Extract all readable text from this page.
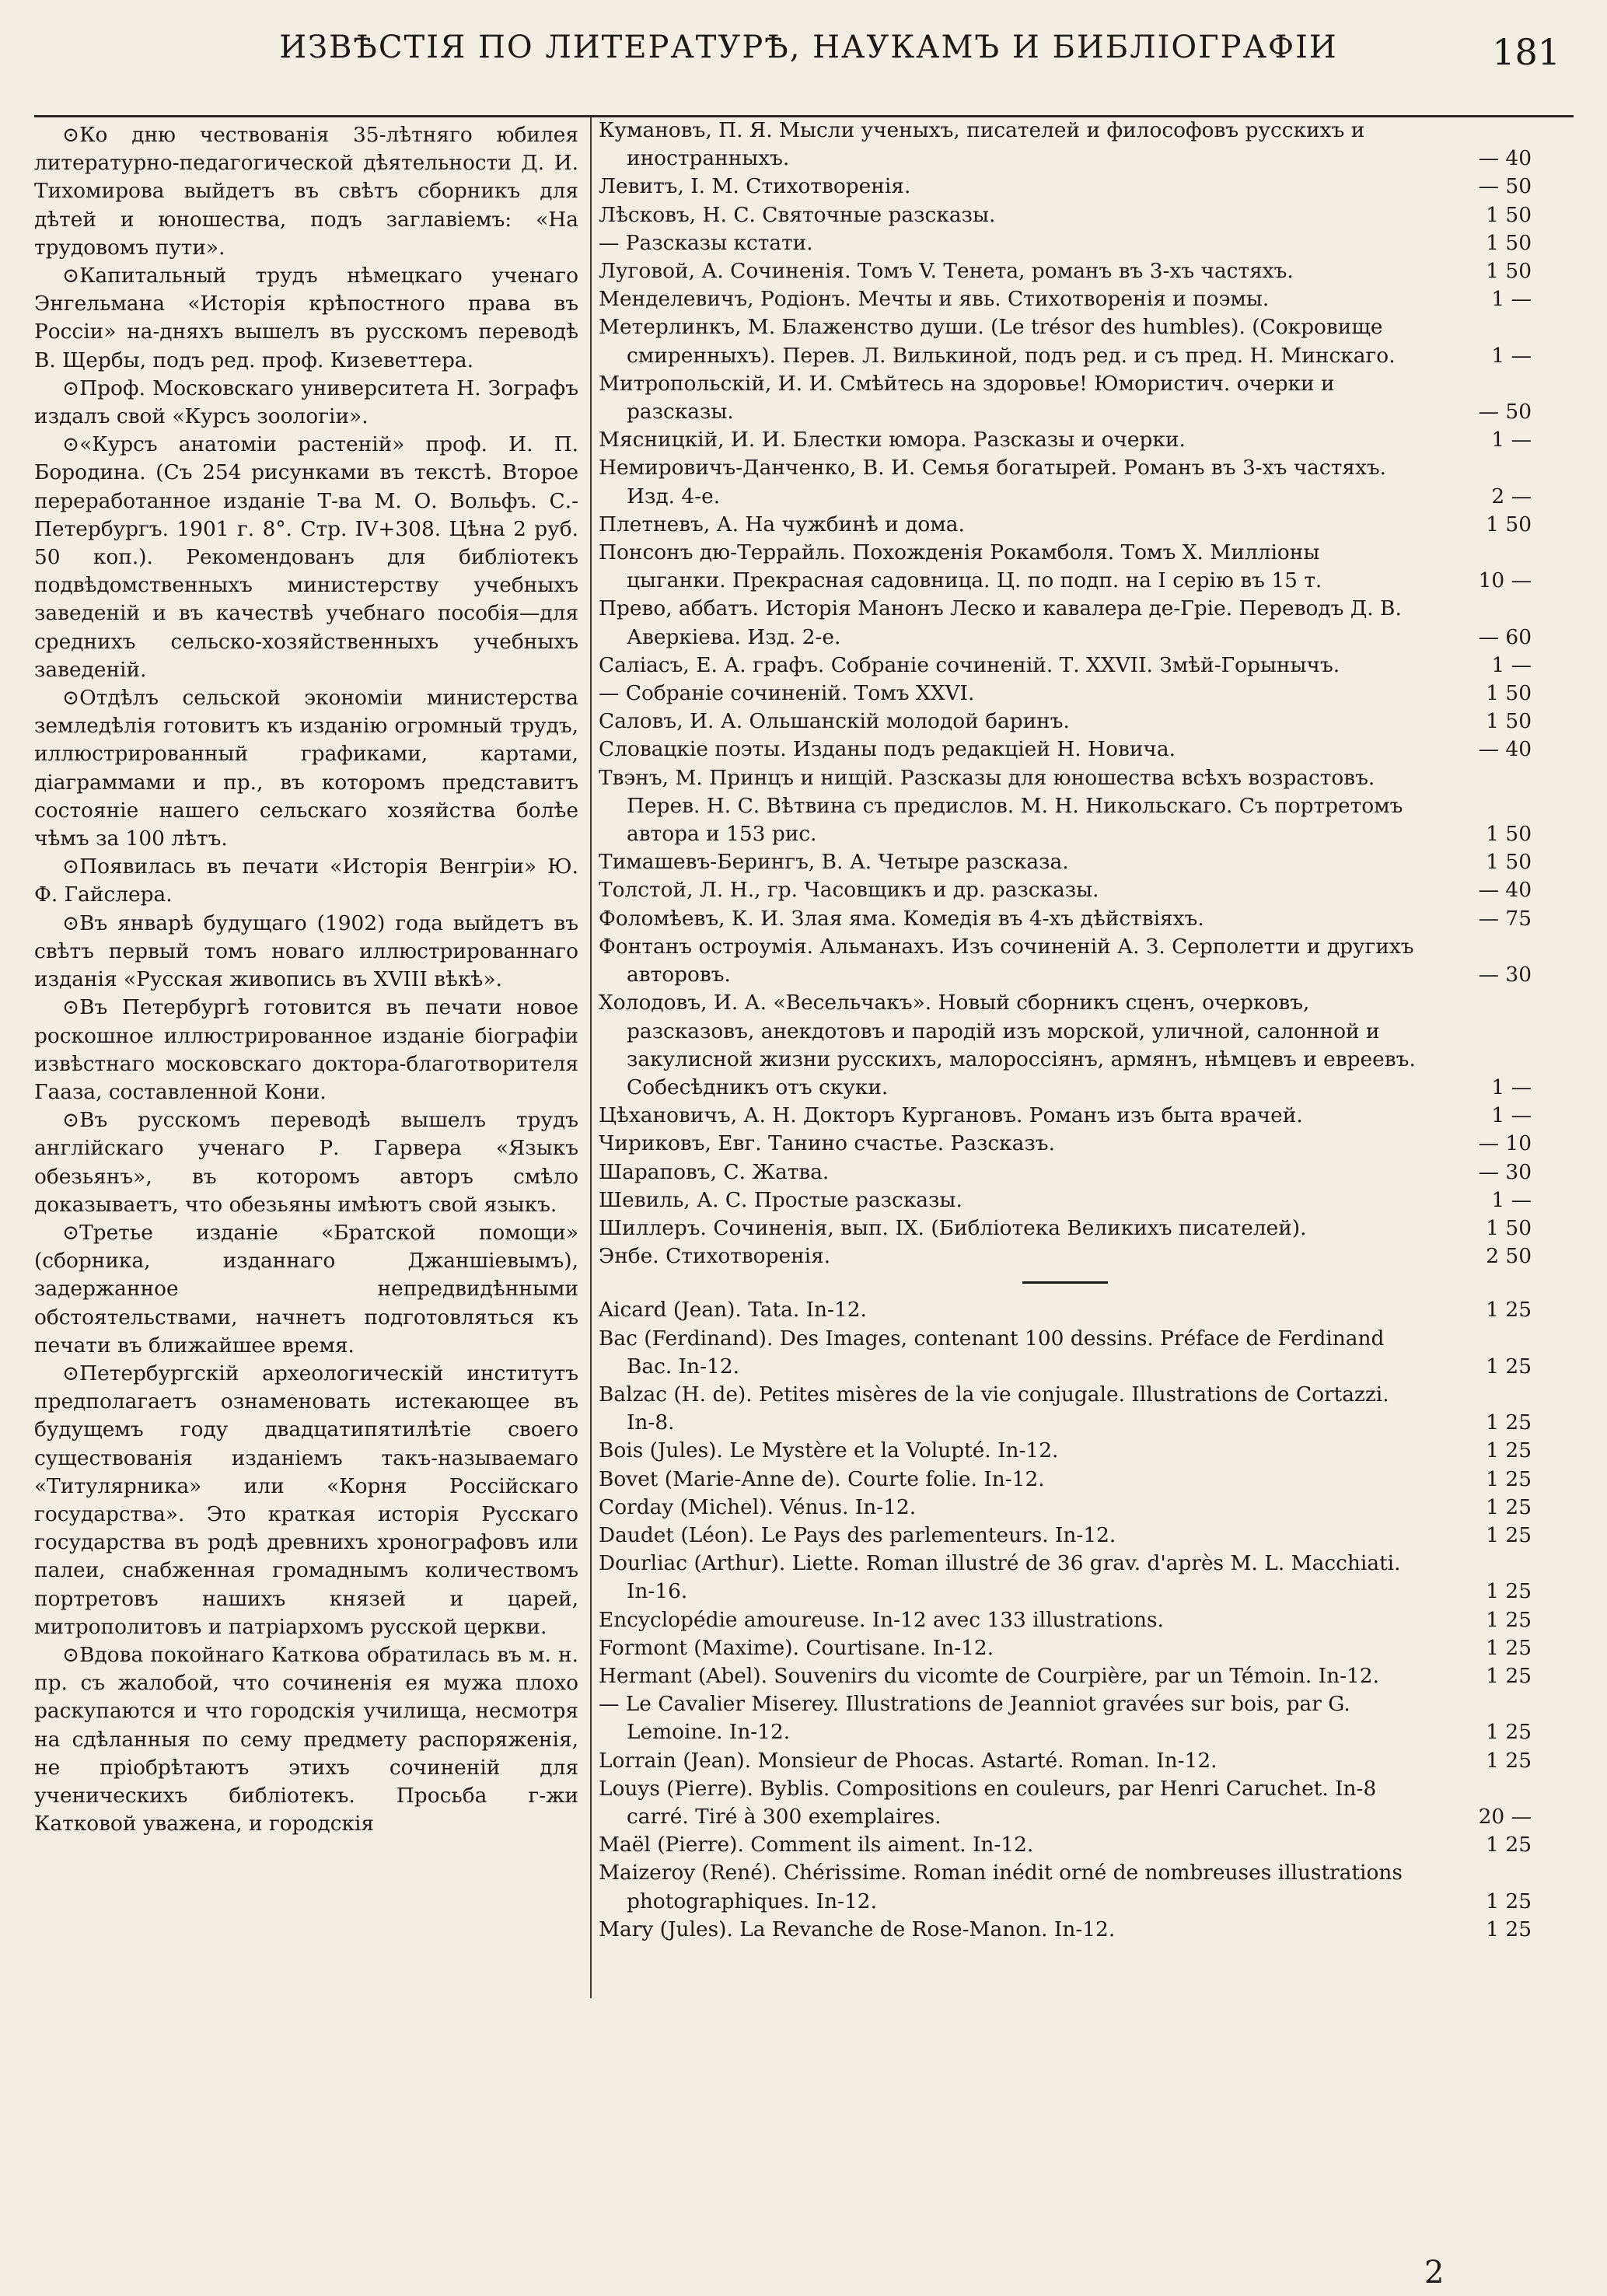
ИЗВѢСТІЯ ПО ЛИТЕРАТУРѢ, НАУКАМЪ И БИБЛІОГРАФІИ	181

⊙ Ко дню чествованія 35-лѣтняго юбилея литературно-педагогической дѣятельности Д. И. Тихомирова выйдетъ въ свѣтъ сборникъ для дѣтей и юношества, подъ заглавіемъ: «На трудовомъ пути».

⊙ Капитальный трудъ нѣмецкаго ученаго Энгельмана «Исторія крѣпостного права въ Россіи» на-дняхъ вышелъ въ русскомъ переводѣ В. Щербы, подъ ред. проф. Кизеветтера.

⊙ Проф. Московскаго университета Н. Зографъ издалъ свой «Курсъ зоологіи».

⊙ «Курсъ анатоміи растеній» проф. И. П. Бородина. (Съ 254 рисунками въ текстѣ. Второе переработанное изданіе Т-ва М. О. Вольфъ. С.-Петербургъ. 1901 г. 8°. Стр. IV+308. Цѣна 2 руб. 50 коп.). Рекомендованъ для библіотекъ подвѣдомственныхъ министерству учебныхъ заведеній и въ качествѣ учебнаго пособія—для среднихъ сельско-хозяйственныхъ учебныхъ заведеній.

⊙ Отдѣлъ сельской экономіи министерства земледѣлія готовитъ къ изданію огромный трудъ, иллюстрированный графиками, картами, діаграммами и пр., въ которомъ представитъ состояніе нашего сельскаго хозяйства болѣе чѣмъ за 100 лѣтъ.

⊙ Появилась въ печати «Исторія Венгріи» Ю. Ф. Гайслера.

⊙ Въ январѣ будущаго (1902) года выйдетъ въ свѣтъ первый томъ новаго иллюстрированнаго изданія «Русская живопись въ XVIII вѣкѣ».

⊙ Въ Петербургѣ готовится въ печати новое роскошное иллюстрированное изданіе біографіи извѣстнаго московскаго доктора-благотворителя Гааза, составленной Кони.

⊙ Въ русскомъ переводѣ вышелъ трудъ англійскаго ученаго Р. Гарвера «Языкъ обезьянъ», въ которомъ авторъ смѣло доказываетъ, что обезьяны имѣютъ свой языкъ.

⊙ Третье изданіе «Братской помощи» (сборника, изданнаго Джаншіевымъ), задержанное непредвидѣнными обстоятельствами, начнетъ подготовляться къ печати въ ближайшее время.

⊙ Петербургскій археологическій институтъ предполагаетъ ознаменовать истекающее въ будущемъ году двадцатипятилѣтіе своего существованія изданіемъ такъ-называемаго «Титулярника» или «Корня Россійскаго государства». Это краткая исторія Русскаго государства въ родѣ древнихъ хронографовъ или палеи, снабженная громаднымъ количествомъ портретовъ нашихъ князей и царей, митрополитовъ и патріархомъ русской церкви.

⊙ Вдова покойнаго Каткова обратилась въ м. н. пр. съ жалобой, что сочиненія ея мужа плохо раскупаются и что городскія училища, несмотря на сдѣланныя по сему предмету распоряженія, не пріобрѣтаютъ этихъ сочиненій для ученическихъ библіотекъ. Просьба г-жи Катковой уважена, и городскія

Кумановъ, П. Я. Мысли ученыхъ, писателей и философовъ русскихъ и иностранныхъ.	— 40
Левитъ, І. М. Стихотворенія.	— 50
Лѣсковъ, Н. С. Святочные разсказы.	1 50
— Разсказы кстати.	1 50
Луговой, А. Сочиненія. Томъ V. Тенета, романъ въ 3-хъ частяхъ.	1 50
Менделевичъ, Родіонъ. Мечты и явь. Стихотворенія и поэмы.	1 —
Метерлинкъ, М. Блаженство души. (Le trésor des humbles). (Сокровище смиренныхъ). Перев. Л. Вилькиной, подъ ред. и съ пред. Н. Минскаго.	1 —
Митропольскій, И. И. Смѣйтесь на здоровье! Юмористич. очерки и разсказы.	— 50
Мясницкій, И. И. Блестки юмора. Разсказы и очерки.	1 —
Немировичъ-Данченко, В. И. Семья богатырей. Романъ въ 3-хъ частяхъ. Изд. 4-е.	2 —
Плетневъ, А. На чужбинѣ и дома.	1 50
Понсонъ дю-Террайль. Похожденія Рокамболя. Томъ X. Милліоны цыганки. Прекрасная садовница. Ц. по подп. на I серію въ 15 т.	10 —
Прево, аббатъ. Исторія Манонъ Леско и кавалера де-Гріе. Переводъ Д. В. Аверкіева. Изд. 2-е.	— 60
Саліасъ, Е. А. графъ. Собраніе сочиненій. Т. XXVII. Змѣй-Горынычъ.	1 —
— Собраніе сочиненій. Томъ XXVI.	1 50
Саловъ, И. А. Ольшанскій молодой баринъ.	1 50
Словацкіе поэты. Изданы подъ редакціей Н. Новича.	— 40
Твэнъ, М. Принцъ и нищій. Разсказы для юношества всѣхъ возрастовъ. Перев. Н. С. Вѣтвина съ предислов. М. Н. Никольскаго. Съ портретомъ автора и 153 рис.	1 50
Тимашевъ-Берингъ, В. А. Четыре разсказа.	1 50
Толстой, Л. Н., гр. Часовщикъ и др. разсказы.	— 40
Фоломѣевъ, К. И. Злая яма. Комедія въ 4-хъ дѣйствіяхъ.	— 75
Фонтанъ остроумія. Альманахъ. Изъ сочиненій А. З. Серполетти и другихъ авторовъ.	— 30
Холодовъ, И. А. «Весельчакъ». Новый сборникъ сценъ, очерковъ, разсказовъ, анекдотовъ и пародій изъ морской, уличной, салонной и закулисной жизни русскихъ, малороссіянъ, армянъ, нѣмцевъ и евреевъ. Собесѣдникъ отъ скуки.	1 —
Цѣхановичъ, А. Н. Докторъ Кургановъ. Романъ изъ быта врачей.	1 —
Чириковъ, Евг. Танино счастье. Разсказъ.	— 10
Шараповъ, С. Жатва.	— 30
Шевиль, А. С. Простые разсказы.	1 —
Шиллеръ. Сочиненія, вып. IX. (Библіотека Великихъ писателей).	1 50
Энбе. Стихотворенія.	2 50
Aicard (Jean). Tata. In-12.	1 25
Bac (Ferdinand). Des Images, contenant 100 dessins. Préface de Ferdinand Bac. In-12.	1 25
Balzac (H. de). Petites misères de la vie conjugale. Illustrations de Cortazzi. In-8.	1 25
Bois (Jules). Le Mystère et la Volupté. In-12.	1 25
Bovet (Marie-Anne de). Courte folie. In-12.	1 25
Corday (Michel). Vénus. In-12.	1 25
Daudet (Léon). Le Pays des parlementeurs. In-12.	1 25
Dourliac (Arthur). Liette. Roman illustré de 36 grav. d'après M. L. Macchiati. In-16.	1 25
Encyclopédie amoureuse. In-12 avec 133 illustrations.	1 25
Formont (Maxime). Courtisane. In-12.	1 25
Hermant (Abel). Souvenirs du vicomte de Courpière, par un Témoin. In-12.	1 25
— Le Cavalier Miserey. Illustrations de Jeanniot gravées sur bois, par G. Lemoine. In-12.	1 25
Lorrain (Jean). Monsieur de Phocas. Astarté. Roman. In-12.	1 25
Louys (Pierre). Byblis. Compositions en couleurs, par Henri Caruchet. In-8 carré. Tiré à 300 exemplaires.	20 —
Maël (Pierre). Comment ils aiment. In-12.	1 25
Maizeroy (René). Chérissime. Roman inédit orné de nombreuses illustrations photographiques. In-12.	1 25
Mary (Jules). La Revanche de Rose-Manon. In-12.	1 25
2
